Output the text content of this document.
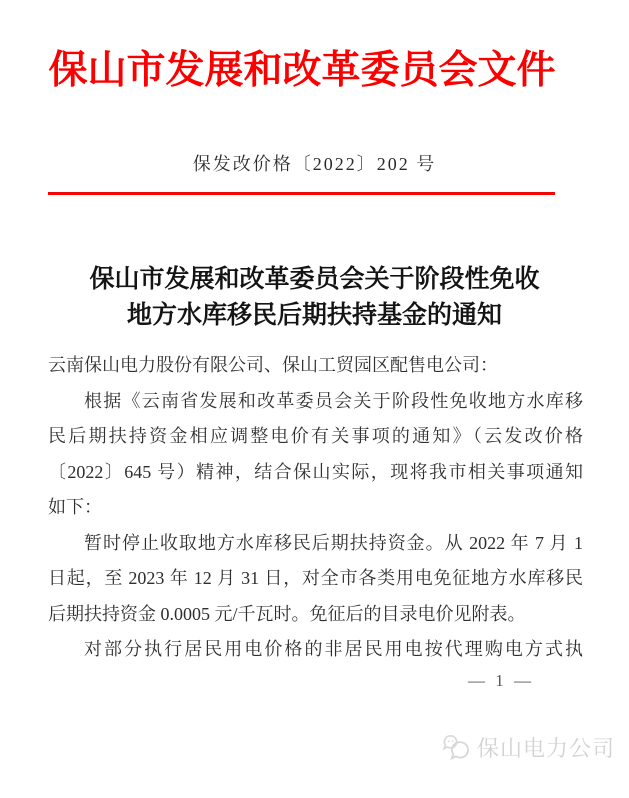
保山市发展和改革委员会文件
保发改价格〔2022〕202 号
保山市发展和改革委员会关于阶段性免收
地方水库移民后期扶持基金的通知
云南保山电力股份有限公司、保山工贸园区配售电公司：
根据《云南省发展和改革委员会关于阶段性免收地方水库移
民后期扶持资金相应调整电价有关事项的通知》（云发改价格
〔2022〕645 号）精神，结合保山实际，现将我市相关事项通知
如下：
暂时停止收取地方水库移民后期扶持资金。从 2022 年 7 月 1
日起，至 2023 年 12 月 31 日，对全市各类用电免征地方水库移民
后期扶持资金 0.0005 元/千瓦时。免征后的目录电价见附表。
对部分执行居民用电价格的非居民用电按代理购电方式执
— 1 —
保山电力公司
